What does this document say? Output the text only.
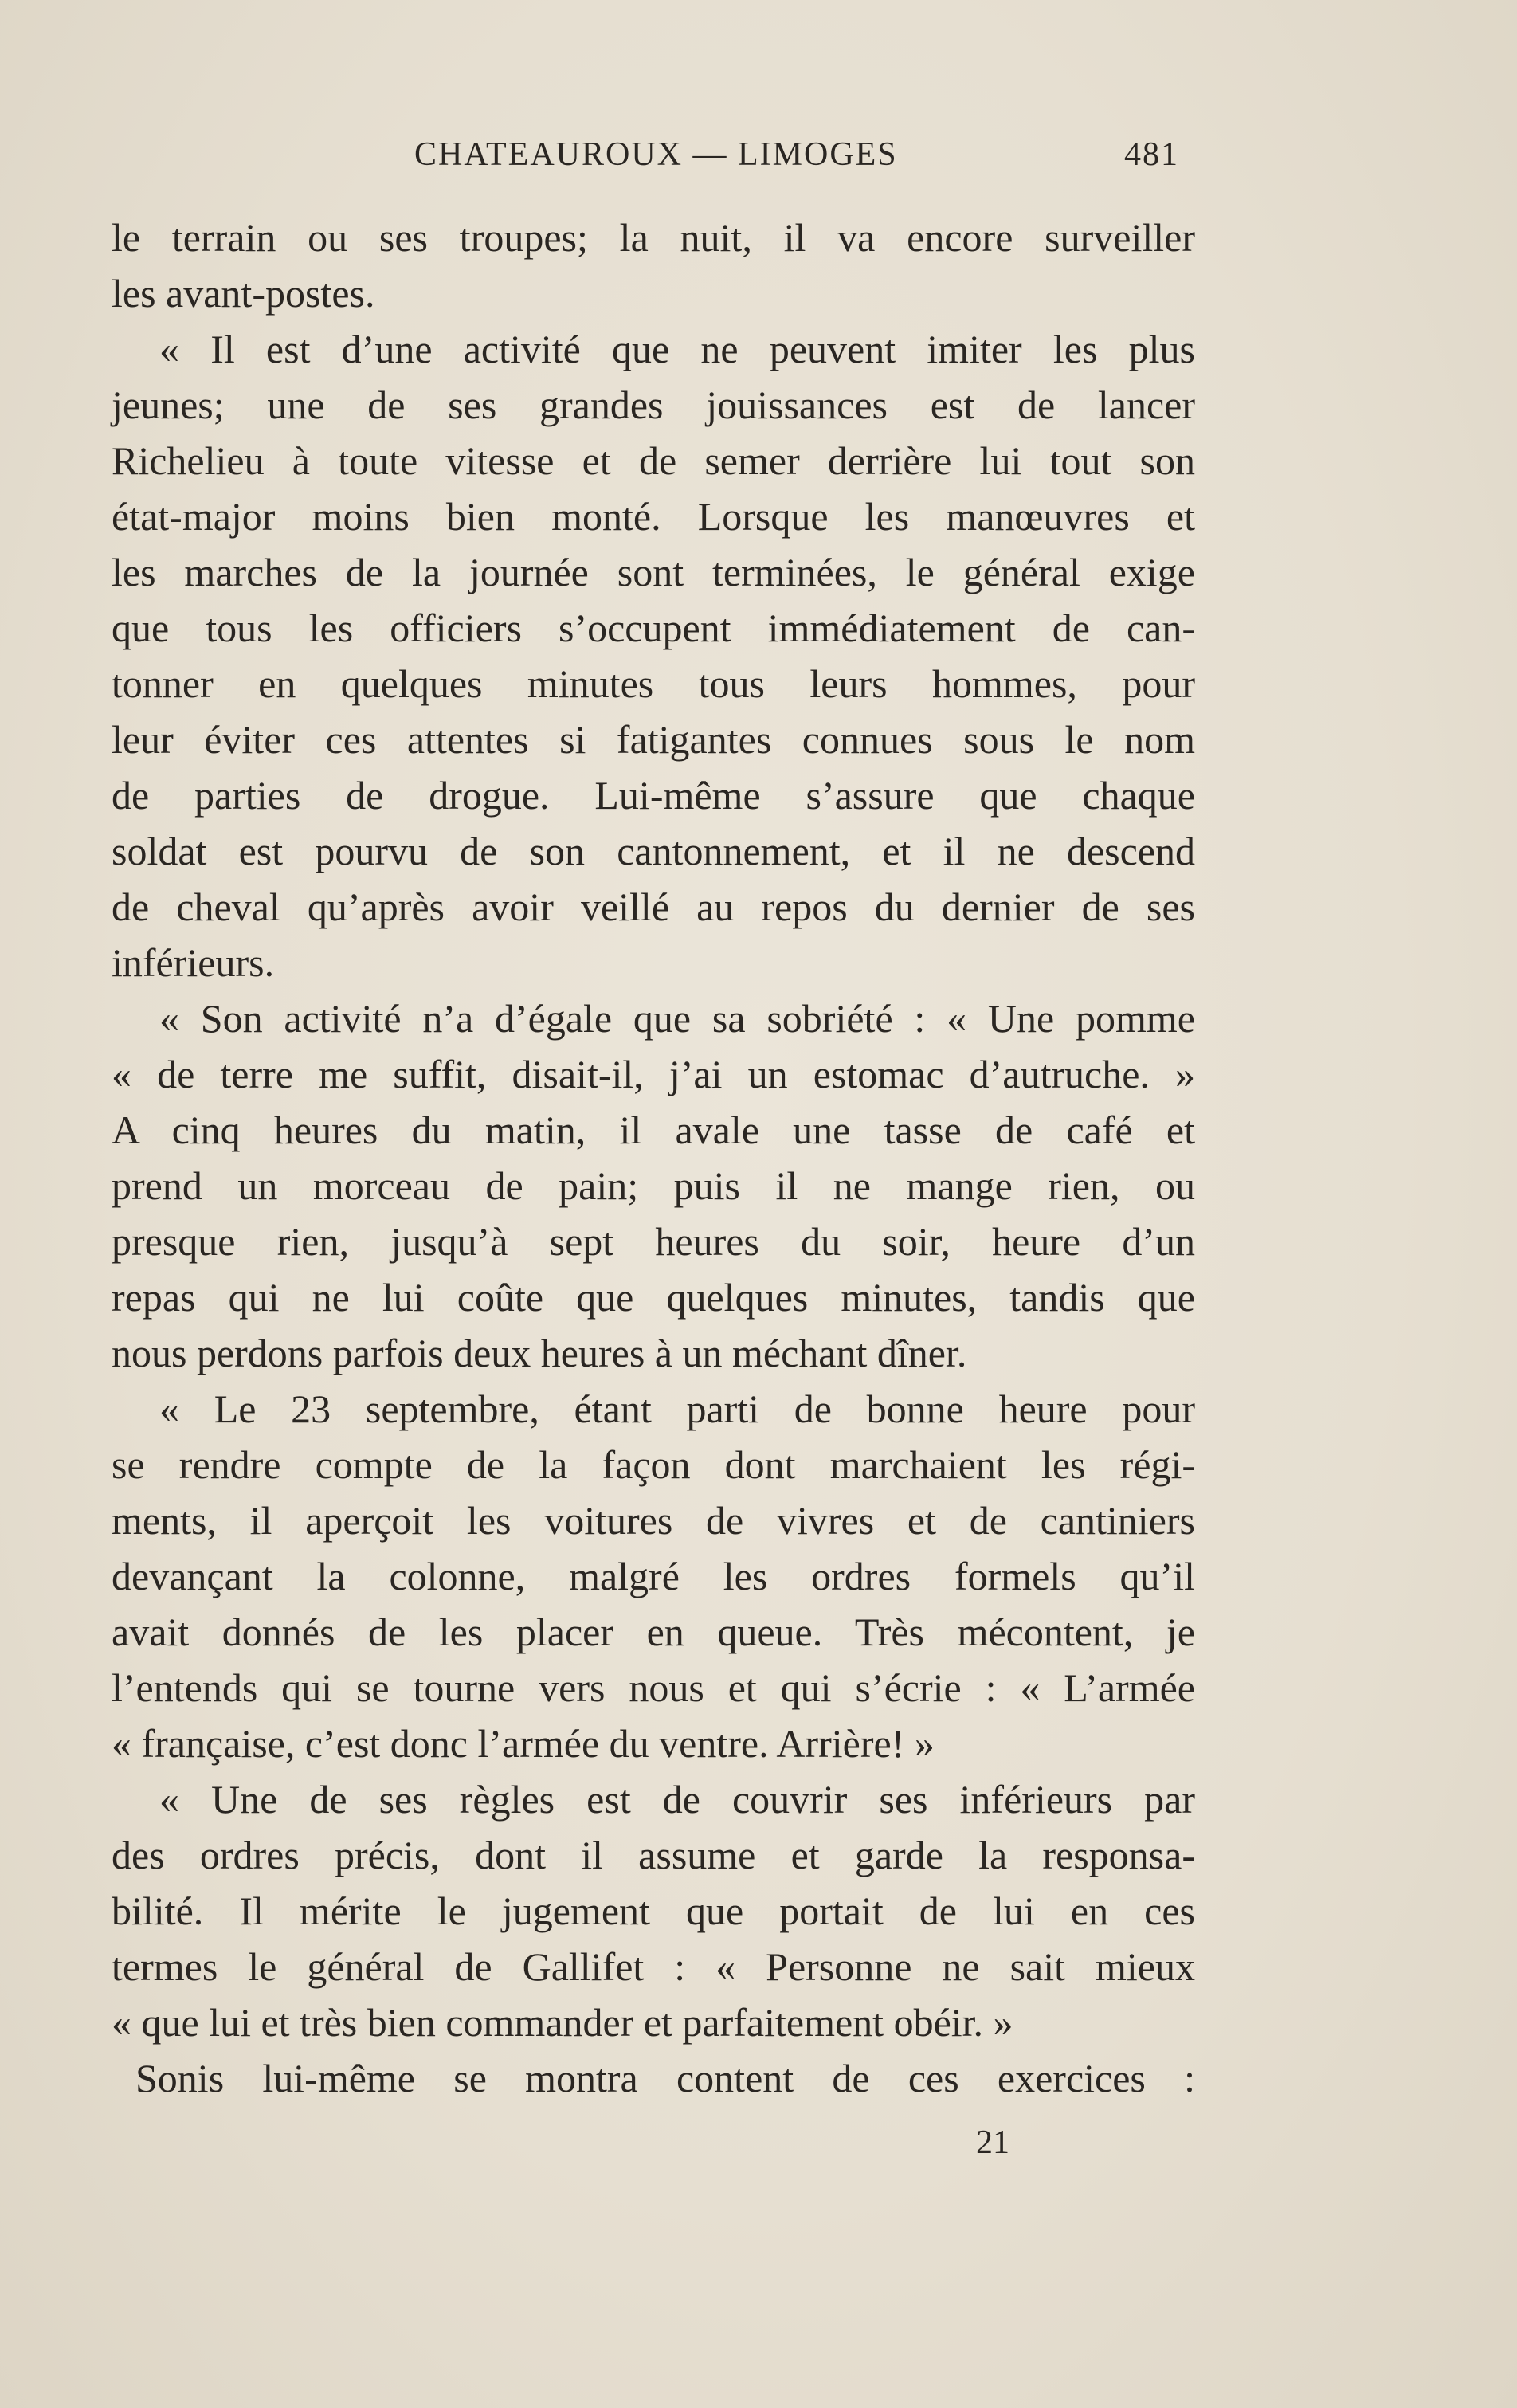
CHATEAUROUX — LIMOGES	481
le terrain ou ses troupes; la nuit, il va encore surveiller
les avant-postes.
« Il est d’une activité que ne peuvent imiter les plus
jeunes; une de ses grandes jouissances est de lancer
Richelieu à toute vitesse et de semer derrière lui tout son
état-major moins bien monté. Lorsque les manœuvres et
les marches de la journée sont terminées, le général exige
que tous les officiers s’occupent immédiatement de can-
tonner en quelques minutes tous leurs hommes, pour
leur éviter ces attentes si fatigantes connues sous le nom
de parties de drogue. Lui-même s’assure que chaque
soldat est pourvu de son cantonnement, et il ne descend
de cheval qu’après avoir veillé au repos du dernier de ses
inférieurs.
« Son activité n’a d’égale que sa sobriété : « Une pomme
« de terre me suffit, disait-il, j’ai un estomac d’autruche. »
A cinq heures du matin, il avale une tasse de café et
prend un morceau de pain; puis il ne mange rien, ou
presque rien, jusqu’à sept heures du soir, heure d’un
repas qui ne lui coûte que quelques minutes, tandis que
nous perdons parfois deux heures à un méchant dîner.
« Le 23 septembre, étant parti de bonne heure pour
se rendre compte de la façon dont marchaient les régi-
ments, il aperçoit les voitures de vivres et de cantiniers
devançant la colonne, malgré les ordres formels qu’il
avait donnés de les placer en queue. Très mécontent, je
l’entends qui se tourne vers nous et qui s’écrie : « L’armée
« française, c’est donc l’armée du ventre. Arrière! »
« Une de ses règles est de couvrir ses inférieurs par
des ordres précis, dont il assume et garde la responsa-
bilité. Il mérite le jugement que portait de lui en ces
termes le général de Gallifet : « Personne ne sait mieux
« que lui et très bien commander et parfaitement obéir. »
Sonis lui-même se montra content de ces exercices :
21
